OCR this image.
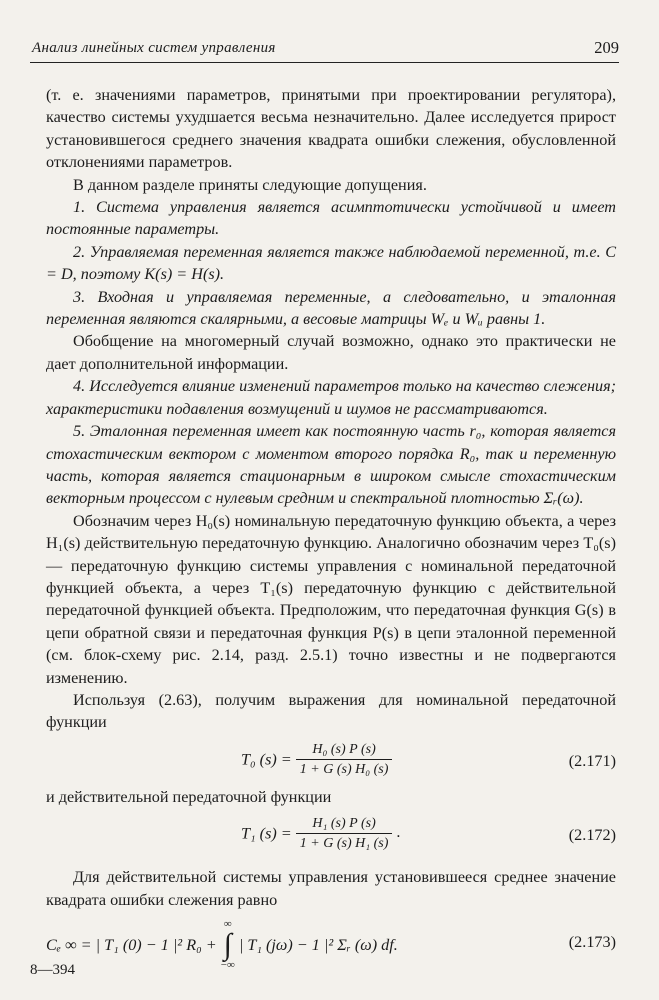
Анализ линейных систем управления	209

(т. е. значениями параметров, принятыми при проектировании регулятора), качество системы ухудшается весьма незначительно. Далее исследуется прирост установившегося среднего значения квадрата ошибки слежения, обусловленной отклонениями параметров.

В данном разделе приняты следующие допущения.

1. Система управления является асимптотически устойчивой и имеет постоянные параметры.

2. Управляемая переменная является также наблюдаемой переменной, т.е. C = D, поэтому K(s) = H(s).

3. Входная и управляемая переменные, а следовательно, и эталонная переменная являются скалярными, а весовые матрицы Wₑ и Wᵤ равны 1.

Обобщение на многомерный случай возможно, однако это практически не дает дополнительной информации.

4. Исследуется влияние изменений параметров только на качество слежения; характеристики подавления возмущений и шумов не рассматриваются.

5. Эталонная переменная имеет как постоянную часть r₀, которая является стохастическим вектором с моментом второго порядка R₀, так и переменную часть, которая является стационарным в широком смысле стохастическим векторным процессом с нулевым средним и спектральной плотностью Σᵣ(ω).

Обозначим через H₀(s) номинальную передаточную функцию объекта, а через H₁(s) действительную передаточную функцию. Аналогично обозначим через T₀(s) — передаточную функцию системы управления с номинальной передаточной функцией объекта, а через T₁(s) передаточную функцию с действительной передаточной функцией объекта. Предположим, что передаточная функция G(s) в цепи обратной связи и передаточная функция P(s) в цепи эталонной переменной (см. блок-схему рис. 2.14, разд. 2.5.1) точно известны и не подвергаются изменению.

Используя (2.63), получим выражения для номинальной передаточной функции

T₀ $(s) = \frac{\text{H₀ (s) P (s)}}{\text{1 + G (s) H₀ (s)}}$	(2.171)

и действительной передаточной функции

T₁ $(s) = \frac{\text{H₁ (s) P (s)}}{\text{1 + G (s) H₁ (s)}}$ .	(2.172)

Для действительной системы управления установившееся среднее значение квадрата ошибки слежения равно

Cₑ ∞ = | T₁ (0) − 1 |² R₀ + ∞
∫
−∞ | T₁ (jω) − 1 |² Σᵣ (ω) df.	(2.173)
8—394
